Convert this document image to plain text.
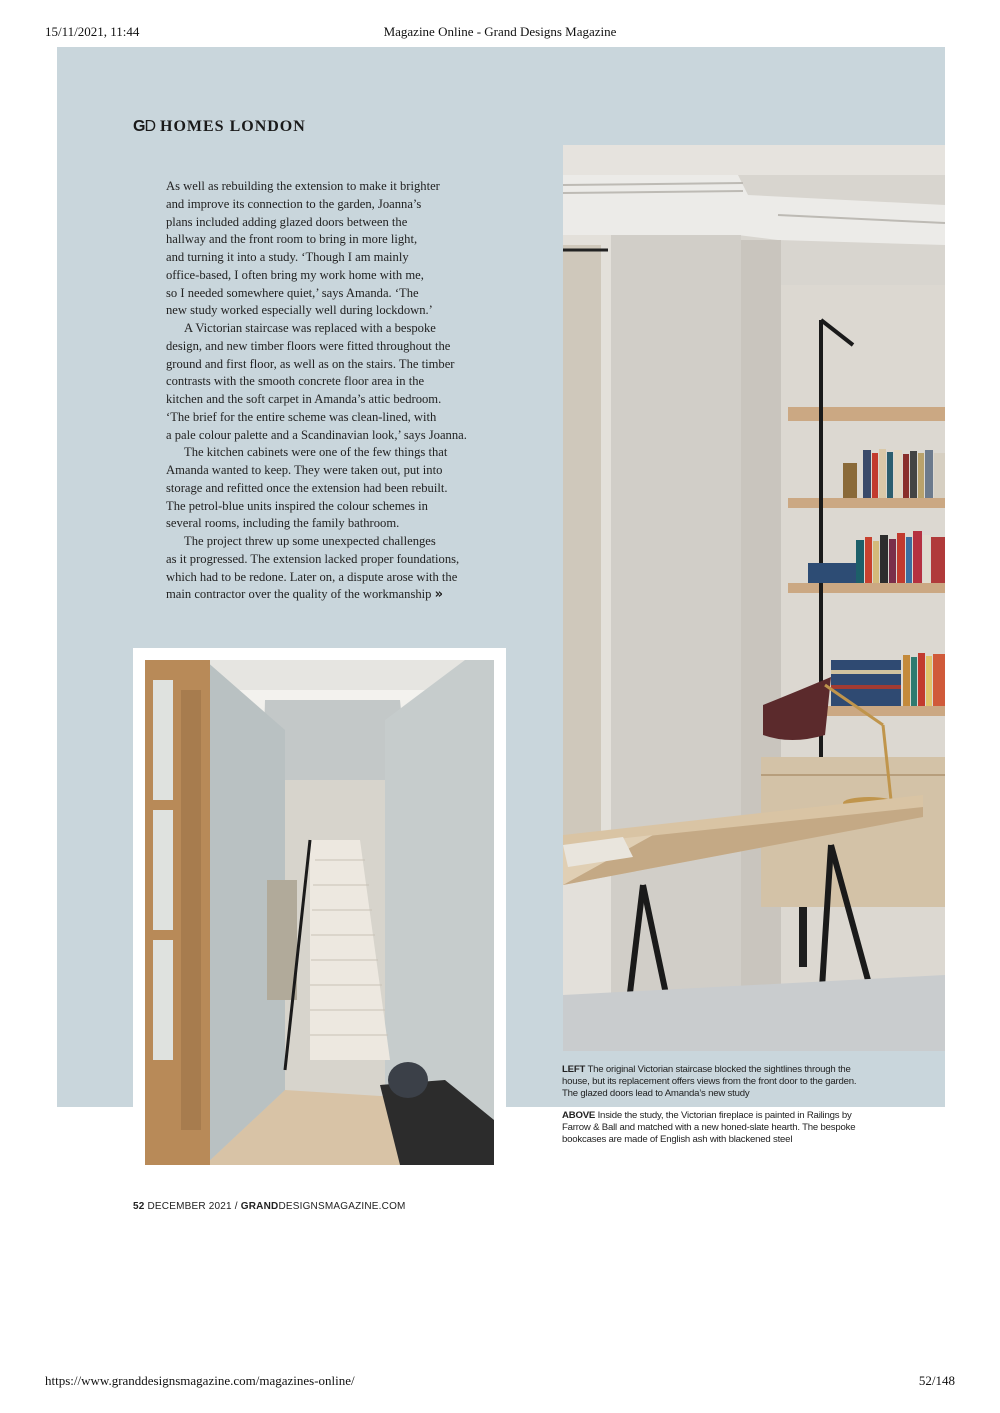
15/11/2021, 11:44	Magazine Online - Grand Designs Magazine
GD HOMES LONDON
As well as rebuilding the extension to make it brighter
and improve its connection to the garden, Joanna’s
plans included adding glazed doors between the
hallway and the front room to bring in more light,
and turning it into a study. ‘Though I am mainly
office-based, I often bring my work home with me,
so I needed somewhere quiet,’ says Amanda. ‘The
new study worked especially well during lockdown.’
A Victorian staircase was replaced with a bespoke
design, and new timber floors were fitted throughout the
ground and first floor, as well as on the stairs. The timber
contrasts with the smooth concrete floor area in the
kitchen and the soft carpet in Amanda’s attic bedroom.
‘The brief for the entire scheme was clean-lined, with
a pale colour palette and a Scandinavian look,’ says Joanna.
The kitchen cabinets were one of the few things that
Amanda wanted to keep. They were taken out, put into
storage and refitted once the extension had been rebuilt.
The petrol-blue units inspired the colour schemes in
several rooms, including the family bathroom.
The project threw up some unexpected challenges
as it progressed. The extension lacked proper foundations,
which had to be redone. Later on, a dispute arose with the
main contractor over the quality of the workmanship »
LEFT The original Victorian staircase blocked the sightlines through the
house, but its replacement offers views from the front door to the garden.
The glazed doors lead to Amanda’s new study
ABOVE Inside the study, the Victorian fireplace is painted in Railings by
Farrow & Ball and matched with a new honed-slate hearth. The bespoke
bookcases are made of English ash with blackened steel
52 DECEMBER 2021 / GRANDDESIGNSMAGAZINE.COM
https://www.granddesignsmagazine.com/magazines-online/	52/148
